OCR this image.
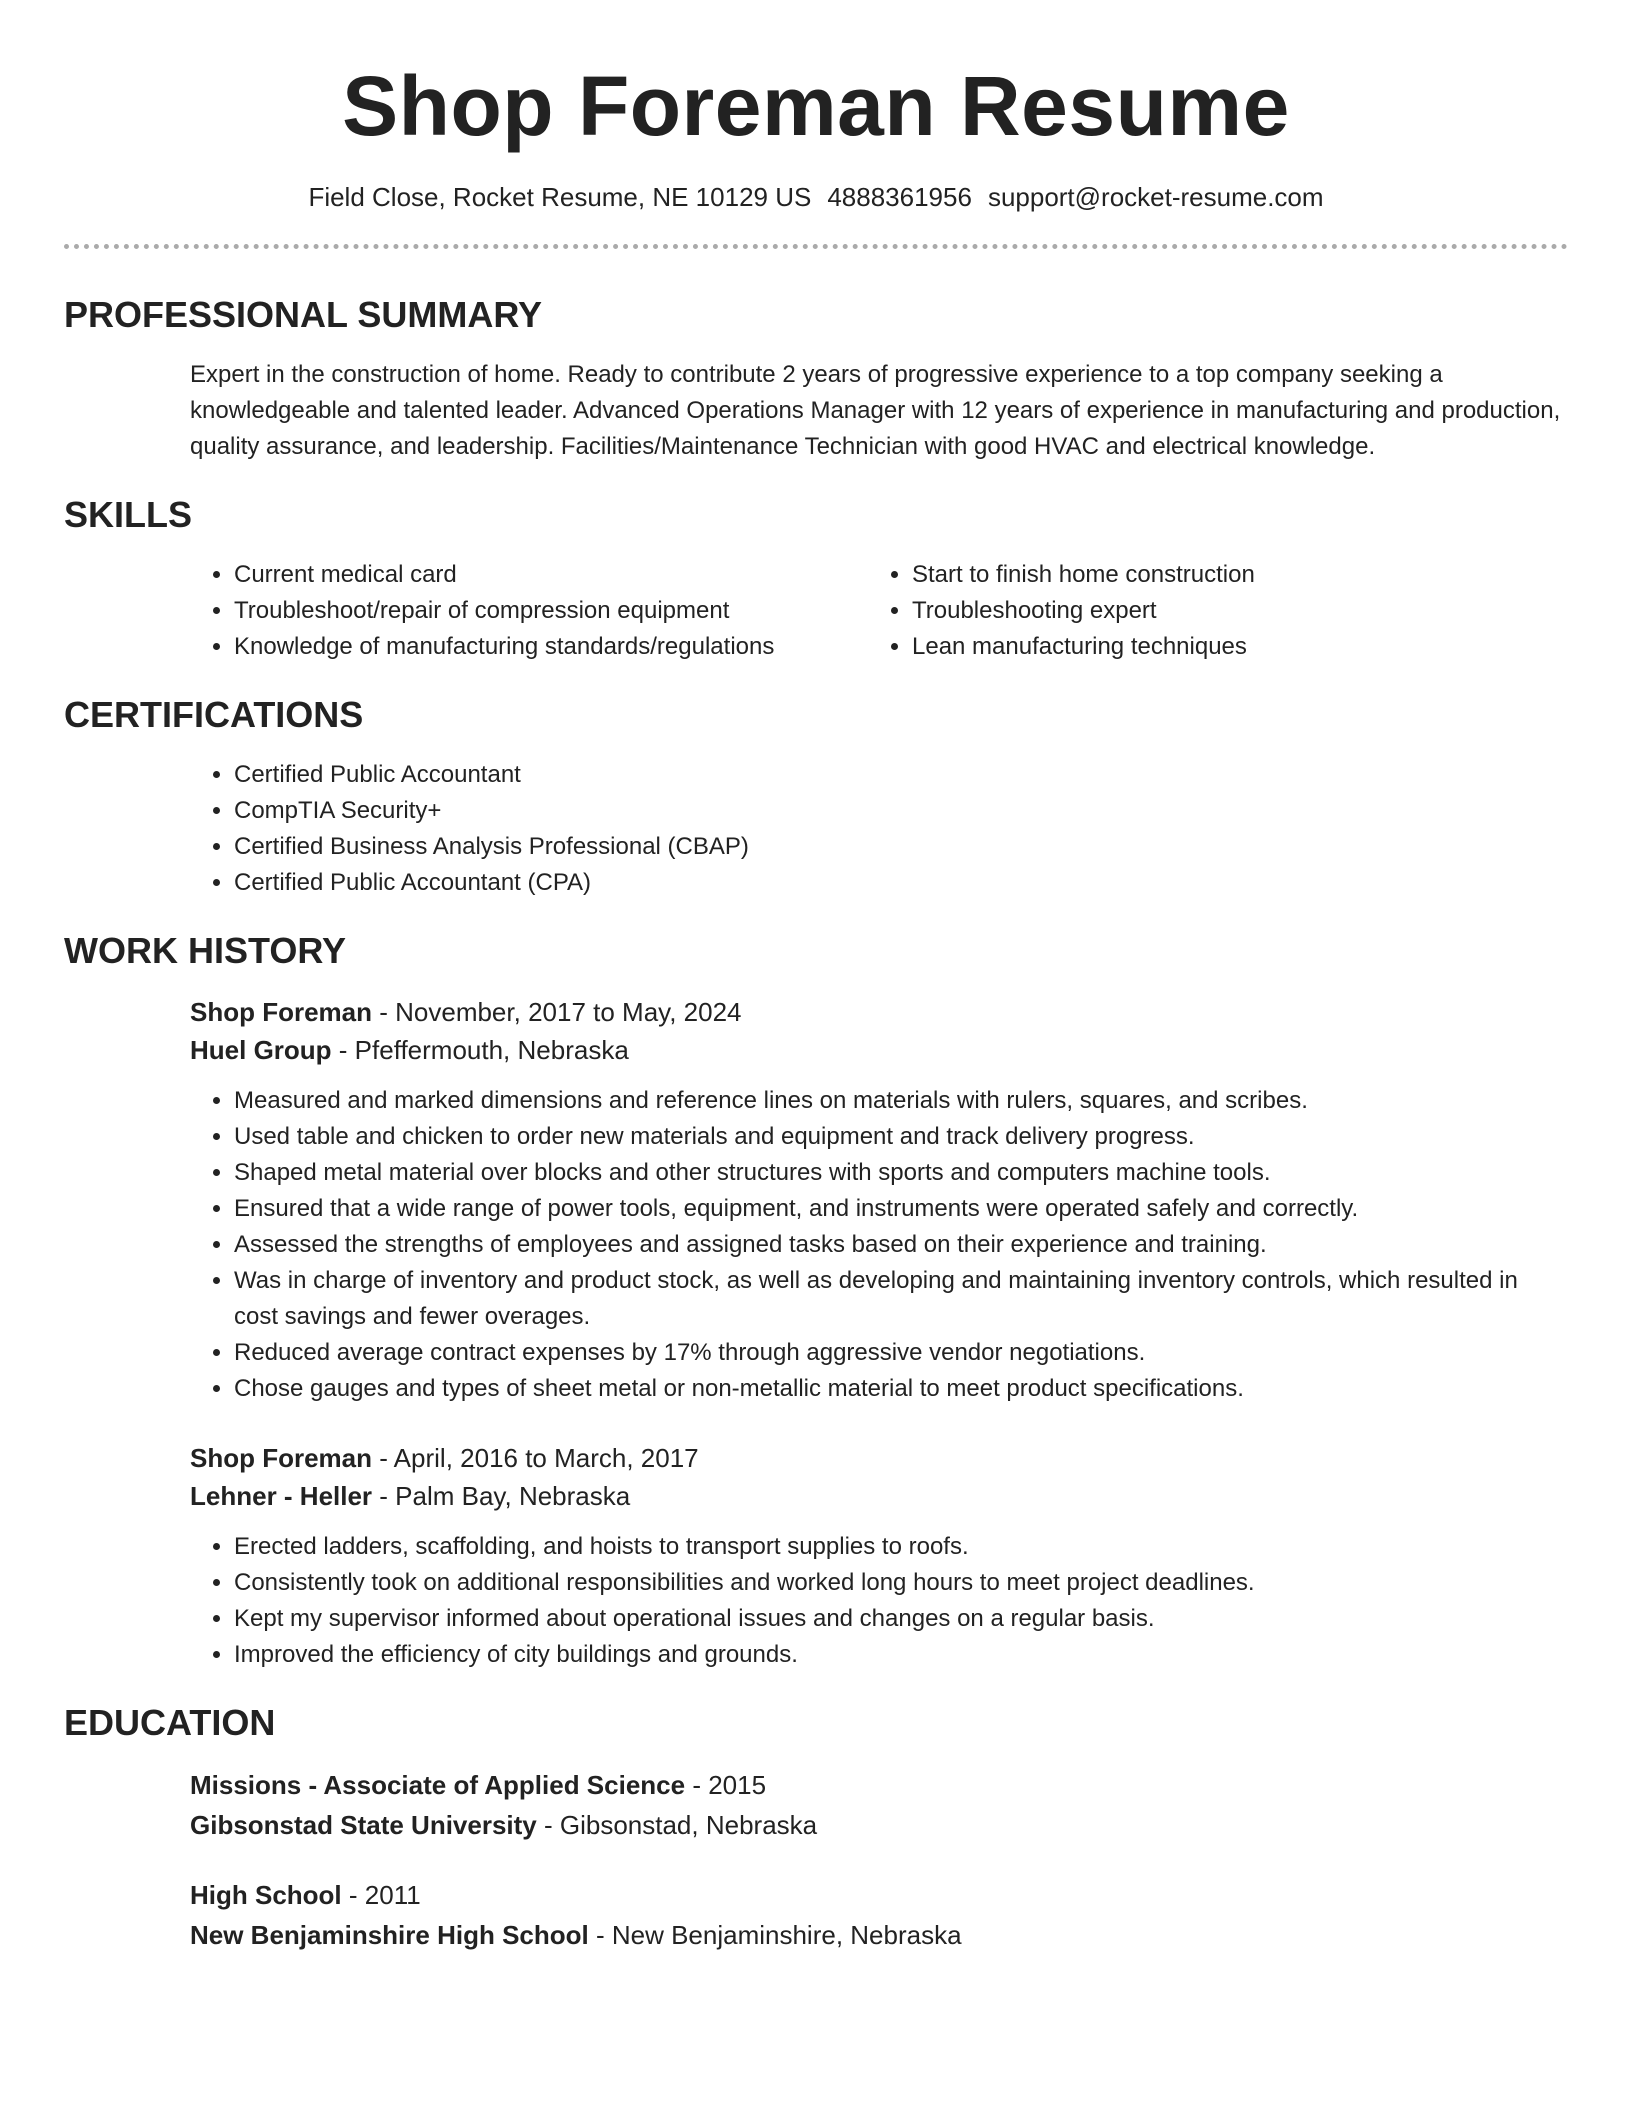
Shop Foreman Resume
Field Close, Rocket Resume, NE 10129 US 4888361956 support@rocket-resume.com
PROFESSIONAL SUMMARY

Expert in the construction of home. Ready to contribute 2 years of progressive experience to a top company seeking a knowledgeable and talented leader. Advanced Operations Manager with 12 years of experience in manufacturing and production, quality assurance, and leadership. Facilities/Maintenance Technician with good HVAC and electrical knowledge.

SKILLS
• Current medical card
• Troubleshoot/repair of compression equipment
• Knowledge of manufacturing standards/regulations
• Start to finish home construction
• Troubleshooting expert
• Lean manufacturing techniques
CERTIFICATIONS
• Certified Public Accountant
• CompTIA Security+
• Certified Business Analysis Professional (CBAP)
• Certified Public Accountant (CPA)
WORK HISTORY
Shop Foreman - November, 2017 to May, 2024
Huel Group - Pfeffermouth, Nebraska
• Measured and marked dimensions and reference lines on materials with rulers, squares, and scribes.
• Used table and chicken to order new materials and equipment and track delivery progress.
• Shaped metal material over blocks and other structures with sports and computers machine tools.
• Ensured that a wide range of power tools, equipment, and instruments were operated safely and correctly.
• Assessed the strengths of employees and assigned tasks based on their experience and training.
• Was in charge of inventory and product stock, as well as developing and maintaining inventory controls, which resulted in cost savings and fewer overages.
• Reduced average contract expenses by 17% through aggressive vendor negotiations.
• Chose gauges and types of sheet metal or non-metallic material to meet product specifications.
Shop Foreman - April, 2016 to March, 2017
Lehner - Heller - Palm Bay, Nebraska
• Erected ladders, scaffolding, and hoists to transport supplies to roofs.
• Consistently took on additional responsibilities and worked long hours to meet project deadlines.
• Kept my supervisor informed about operational issues and changes on a regular basis.
• Improved the efficiency of city buildings and grounds.
EDUCATION
Missions - Associate of Applied Science - 2015
Gibsonstad State University - Gibsonstad, Nebraska
High School - 2011
New Benjaminshire High School - New Benjaminshire, Nebraska
